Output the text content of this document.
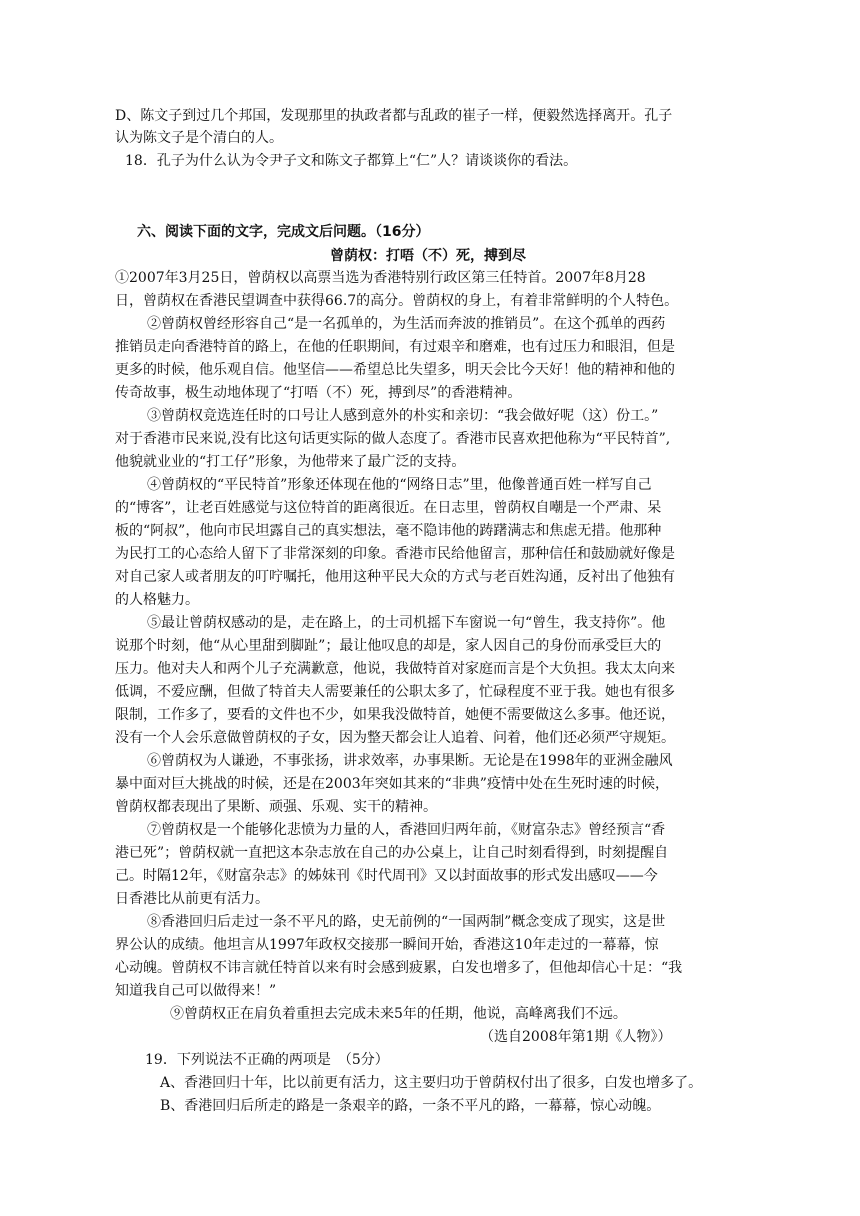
D、陈文子到过几个邦国，发现那里的执政者都与乱政的崔子一样，便毅然选择离开。孔子
认为陈文子是个清白的人。
18．孔子为什么认为令尹子文和陈文子都算上“仁”人？请谈谈你的看法。
六、阅读下面的文字，完成文后问题。（16分）
曾荫权：打唔（不）死，搏到尽
①2007年3月25日，曾荫权以高票当选为香港特别行政区第三任特首。2007年8月28
日，曾荫权在香港民望调查中获得66.7的高分。曾荫权的身上，有着非常鲜明的个人特色。
②曾荫权曾经形容自己“是一名孤单的，为生活而奔波的推销员”。在这个孤单的西药
推销员走向香港特首的路上，在他的任职期间，有过艰辛和磨难，也有过压力和眼泪，但是
更多的时候，他乐观自信。他坚信——希望总比失望多，明天会比今天好！他的精神和他的
传奇故事，极生动地体现了“打唔（不）死，搏到尽”的香港精神。
③曾荫权竞选连任时的口号让人感到意外的朴实和亲切：“我会做好呢（这）份工。”
对于香港市民来说,没有比这句话更实际的做人态度了。香港市民喜欢把他称为“平民特首”,
他貌就业业的“打工仔”形象，为他带来了最广泛的支持。
④曾荫权的“平民特首”形象还体现在他的“网络日志”里，他像普通百姓一样写自己
的“博客”，让老百姓感觉与这位特首的距离很近。在日志里，曾荫权自嘲是一个严肃、呆
板的“阿叔”，他向市民坦露自己的真实想法，毫不隐讳他的踌躇满志和焦虑无措。他那种
为民打工的心态给人留下了非常深刻的印象。香港市民给他留言，那种信任和鼓励就好像是
对自己家人或者朋友的叮咛嘱托，他用这种平民大众的方式与老百姓沟通，反衬出了他独有
的人格魅力。
⑤最让曾荫权感动的是，走在路上，的士司机摇下车窗说一句“曾生，我支持你”。他
说那个时刻，他“从心里甜到脚趾”；最让他叹息的却是，家人因自己的身份而承受巨大的
压力。他对夫人和两个儿子充满歉意，他说，我做特首对家庭而言是个大负担。我太太向来
低调，不爱应酬，但做了特首夫人需要兼任的公职太多了，忙碌程度不亚于我。她也有很多
限制，工作多了，要看的文件也不少，如果我没做特首，她便不需要做这么多事。他还说，
没有一个人会乐意做曾荫权的子女，因为整天都会让人追着、问着，他们还必须严守规矩。
⑥曾荫权为人谦逊，不事张扬，讲求效率，办事果断。无论是在1998年的亚洲金融风
暴中面对巨大挑战的时候，还是在2003年突如其来的“非典”疫情中处在生死时速的时候，
曾荫权都表现出了果断、顽强、乐观、实干的精神。
⑦曾荫权是一个能够化悲愤为力量的人，香港回归两年前，《财富杂志》曾经预言“香
港已死”；曾荫权就一直把这本杂志放在自己的办公桌上，让自己时刻看得到，时刻提醒自
己。时隔12年，《财富杂志》的姊妹刊《时代周刊》又以封面故事的形式发出感叹——今
日香港比从前更有活力。
⑧香港回归后走过一条不平凡的路，史无前例的“一国两制”概念变成了现实，这是世
界公认的成绩。他坦言从1997年政权交接那一瞬间开始，香港这10年走过的一幕幕，惊
心动魄。曾荫权不讳言就任特首以来有时会感到疲累，白发也增多了，但他却信心十足：“我
知道我自己可以做得来！”
⑨曾荫权正在肩负着重担去完成未来5年的任期，他说，高峰离我们不远。
（选自2008年第1期《人物》）
19．下列说法不正确的两项是　（5分）
A、香港回归十年，比以前更有活力，这主要归功于曾荫权付出了很多，白发也增多了。
B、香港回归后所走的路是一条艰辛的路，一条不平凡的路，一幕幕，惊心动魄。
